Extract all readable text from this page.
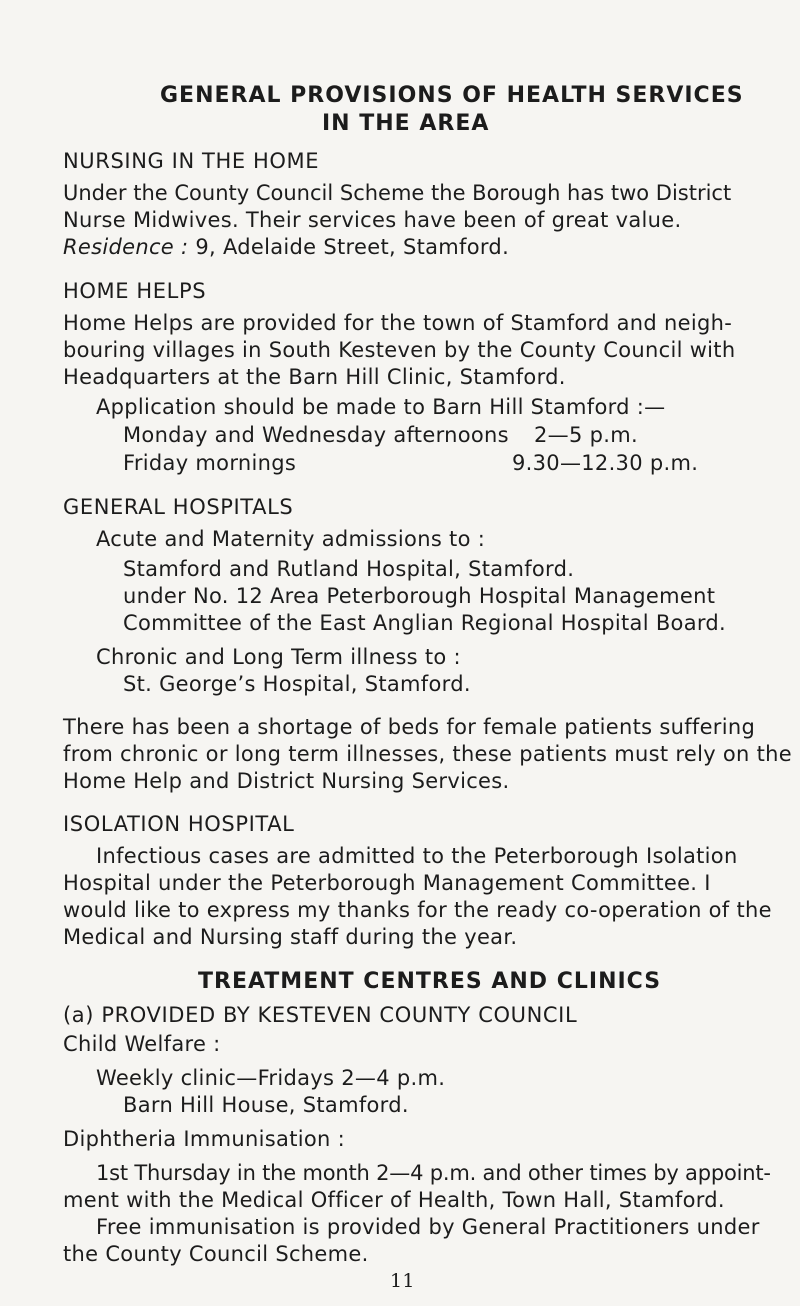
GENERAL PROVISIONS OF HEALTH SERVICES
IN THE AREA
NURSING IN THE HOME
Under the County Council Scheme the Borough has two District
Nurse Midwives. Their services have been of great value.
Residence : 9, Adelaide Street, Stamford.
HOME HELPS
Home Helps are provided for the town of Stamford and neigh-
bouring villages in South Kesteven by the County Council with
Headquarters at the Barn Hill Clinic, Stamford.
Application should be made to Barn Hill Stamford :—
Monday and Wednesday afternoons 2—5 p.m.
Friday mornings	9.30—12.30 p.m.
GENERAL HOSPITALS
Acute and Maternity admissions to :
Stamford and Rutland Hospital, Stamford.
under No. 12 Area Peterborough Hospital Management
Committee of the East Anglian Regional Hospital Board.
Chronic and Long Term illness to :
St. George’s Hospital, Stamford.
There has been a shortage of beds for female patients suffering
from chronic or long term illnesses, these patients must rely on the
Home Help and District Nursing Services.
ISOLATION HOSPITAL
Infectious cases are admitted to the Peterborough Isolation
Hospital under the Peterborough Management Committee. I
would like to express my thanks for the ready co-operation of the
Medical and Nursing staff during the year.
TREATMENT CENTRES AND CLINICS
(a) PROVIDED BY KESTEVEN COUNTY COUNCIL
Child Welfare :
Weekly clinic—Fridays 2—4 p.m.
Barn Hill House, Stamford.
Diphtheria Immunisation :
1st Thursday in the month 2—4 p.m. and other times by appoint-
ment with the Medical Officer of Health, Town Hall, Stamford.
Free immunisation is provided by General Practitioners under
the County Council Scheme.
11
